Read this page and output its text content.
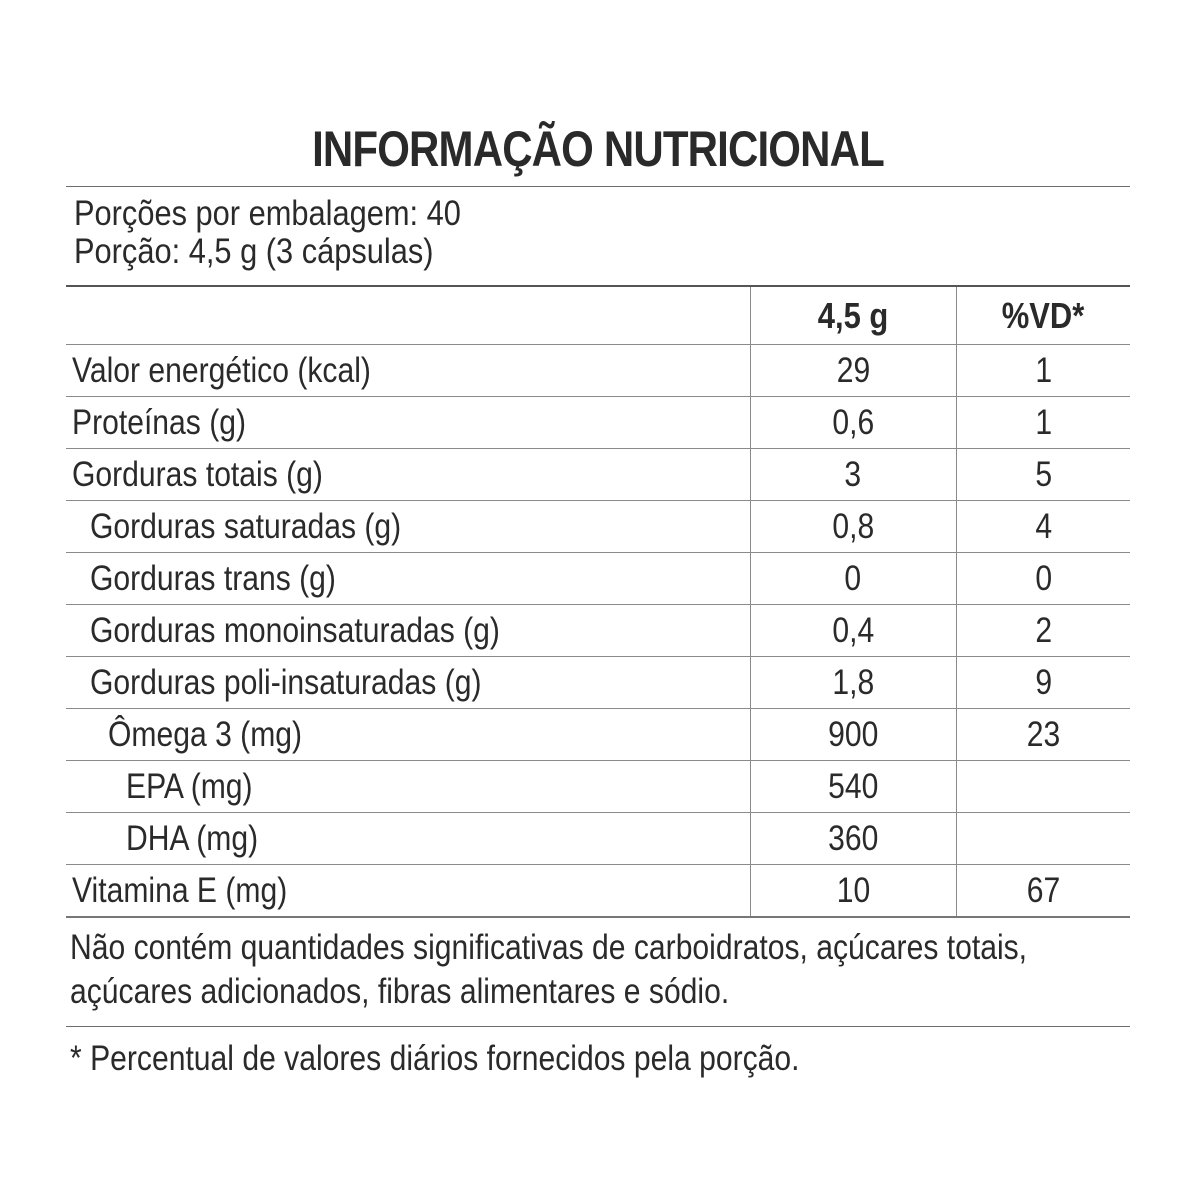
INFORMAÇÃO NUTRICIONAL
Porções por embalagem: 40
Porção: 4,5 g (3 cápsulas)
	4,5 g	%VD*
Valor energético (kcal)	29	1
Proteínas (g)	0,6	1
Gorduras totais (g)	3	5
Gorduras saturadas (g)	0,8	4
Gorduras trans (g)	0	0
Gorduras monoinsaturadas (g)	0,4	2
Gorduras poli-insaturadas (g)	1,8	9
Ômega 3 (mg)	900	23
EPA (mg)	540	
DHA (mg)	360	
Vitamina E (mg)	10	67
Não contém quantidades significativas de carboidratos, açúcares totais,
açúcares adicionados, fibras alimentares e sódio.
* Percentual de valores diários fornecidos pela porção.
